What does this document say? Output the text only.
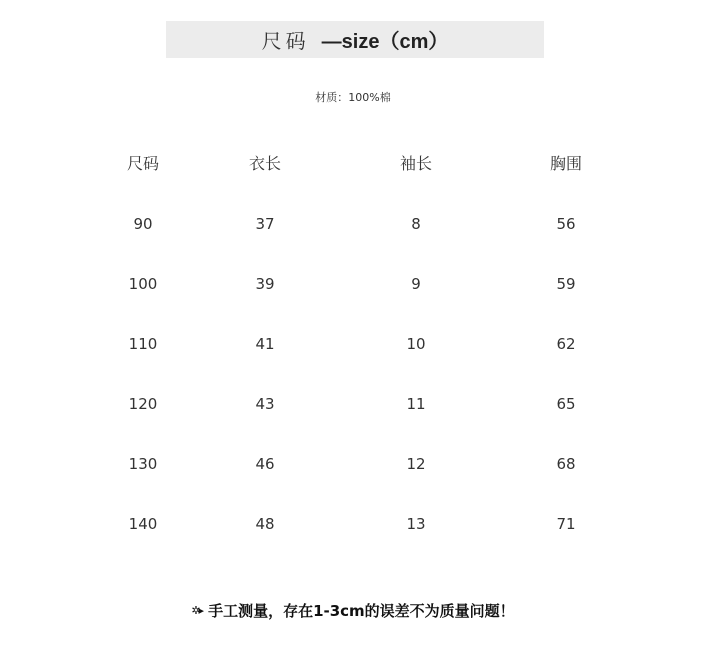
尺码 —size（cm）
材质：100%棉
尺码	衣长	袖长	胸围
90	37	8	56
100	39	9	59
110	41	10	62
120	43	11	65
130	46	12	68
140	48	13	71
✲▸ 手工测量，存在1-3cm的误差不为质量问题！
